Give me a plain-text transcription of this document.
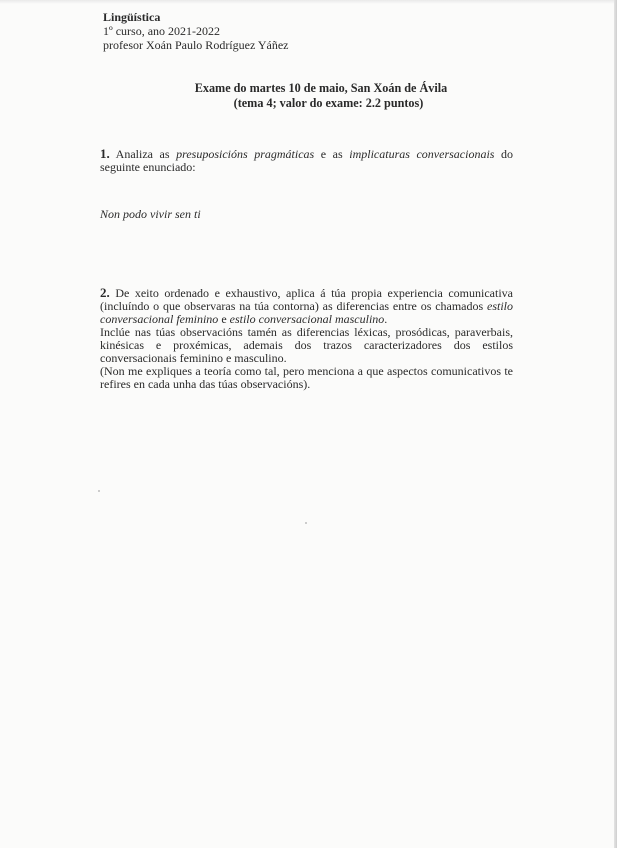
Lingüística
1º curso, ano 2021-2022
profesor Xoán Paulo Rodríguez Yáñez
Exame do martes 10 de maio, San Xoán de Ávila
(tema 4; valor do exame: 2.2 puntos)
1. Analiza as presuposicións pragmáticas e as implicaturas conversacionais do seguinte enunciado:
Non podo vivir sen ti

2. De xeito ordenado e exhaustivo, aplica á túa propia experiencia comunicativa (incluíndo o que observaras na túa contorna) as diferencias entre os chamados estilo conversacional feminino e estilo conversacional masculino.

Inclúe nas túas observacións tamén as diferencias léxicas, prosódicas, paraverbais, kinésicas e proxémicas, ademais dos trazos caracterizadores dos estilos conversacionais feminino e masculino.

(Non me expliques a teoría como tal, pero menciona a que aspectos comunicativos te refires en cada unha das túas observacións).
